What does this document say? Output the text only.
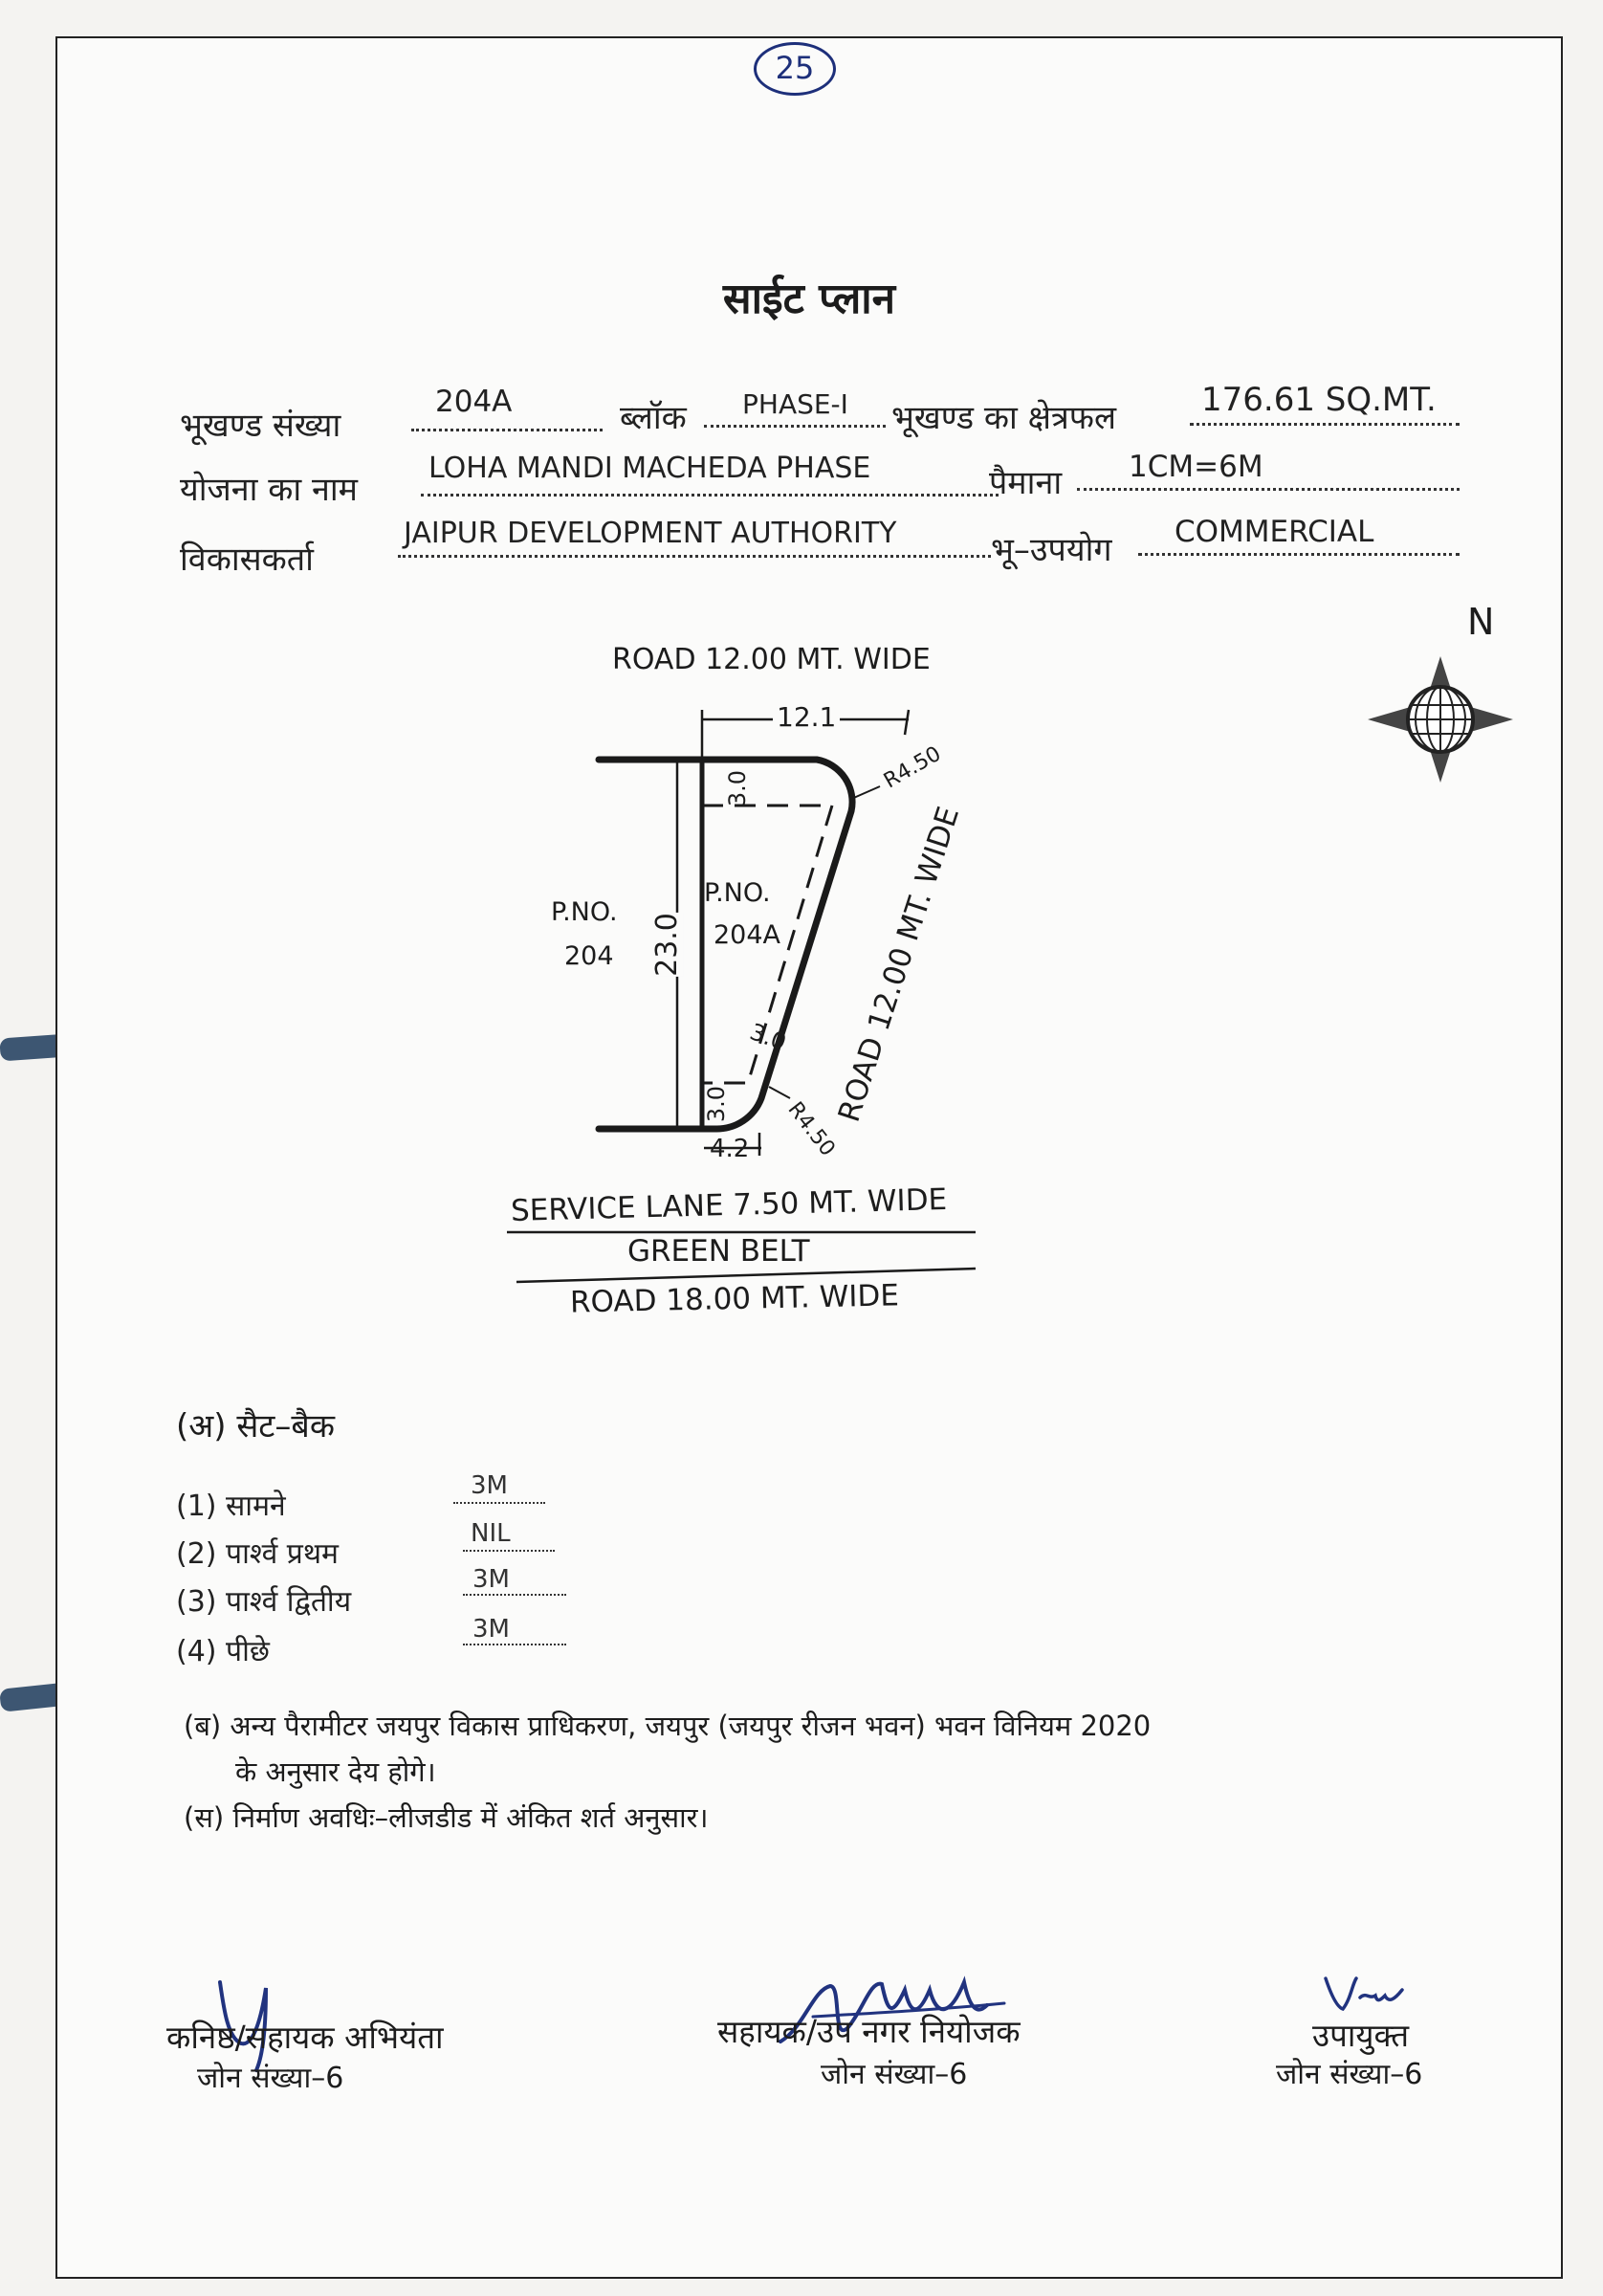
25
साईट प्लान
भूखण्ड संख्या
204A	ब्लॉक PHASE-I भूखण्ड का क्षेत्रफल	176.61 SQ.MT.
योजना का नाम
LOHA MANDI MACHEDA PHASE	पैमाना 1CM=6M
विकासकर्ता
JAIPUR DEVELOPMENT AUTHORITY	भू–उपयोग COMMERCIAL
ROAD 12.00 MT. WIDE
12.1
R4.50
3.0
P.NO.
204A
P.NO.
204 23.0
3.0
3.0	R4.50
4.2
ROAD 12.00 MT. WIDE
SERVICE LANE 7.50 MT. WIDE
GREEN BELT
ROAD 18.00 MT. WIDE
N
(अ) सैट–बैक
(1) सामने
3M
(2) पार्श्व प्रथम
NIL
(3) पार्श्व द्वितीय
3M
(4) पीछे
3M
(ब) अन्य पैरामीटर जयपुर विकास प्राधिकरण, जयपुर (जयपुर रीजन भवन) भवन विनियम 2020
के अनुसार देय होगे।
(स) निर्माण अवधिः–लीजडीड में अंकित शर्त अनुसार।
कनिष्ठ/सहायक अभियंता
जोन संख्या–6
सहायक/उप नगर नियोजक
जोन संख्या–6
उपायुक्त
जोन संख्या–6
